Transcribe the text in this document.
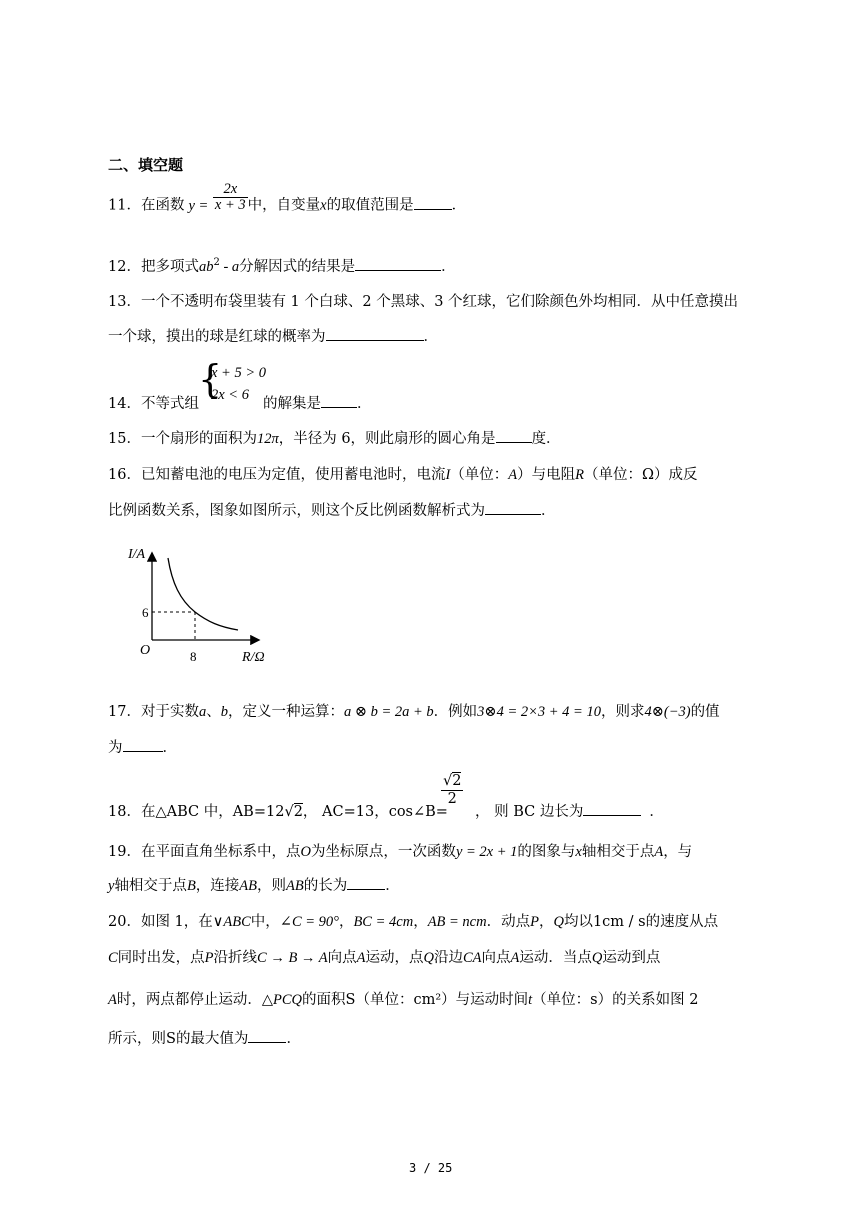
二、填空题
11．在函数 $y = \frac{2x}{x + 3}$ 中，自变量x的取值范围是	．
12．把多项式$ab^2$ - a分解因式的结果是	．
13．一个不透明布袋里装有 1 个白球、2 个黑球、3 个红球，它们除颜色外均相同．从中任意摸出
一个球，摸出的球是红球的概率为	．
14．不等式组
{
x + 5 > 0
2x < 6
的解集是 ．
15．一个扇形的面积为12π，半径为 6，则此扇形的圆心角是 度．
16．已知蓄电池的电压为定值，使用蓄电池时，电流I（单位：A）与电阻R（单位：Ω）成反
比例函数关系，图象如图所示，则这个反比例函数解析式为	．
I/A
R/Ω
O
6
8
17．对于实数a、b，定义一种运算：a ⊗ b = 2a + b．例如3⊗4 = 2×3 + 4 = 10，则求4⊗(−3)的值
为	．
18．在△ABC 中，AB=12√2， AC=13，cos∠B=
$\frac{√2}{2}$
， 则 BC 边长为	．
19．在平面直角坐标系中，点O为坐标原点，一次函数y = 2x + 1的图象与x轴相交于点A，与
y轴相交于点B，连接AB，则AB的长为	．
20．如图 1，在∨ABC中，∠C = 90°，BC = 4cm，AB = ncm．动点P，Q均以1cm / s的速度从点
C同时出发，点P沿折线C → B → A向点A运动，点Q沿边CA向点A运动．当点Q运动到点
A时，两点都停止运动．△PCQ的面积S（单位：cm²）与运动时间t（单位：s）的关系如图 2
所示，则S的最大值为	．
3 / 25
